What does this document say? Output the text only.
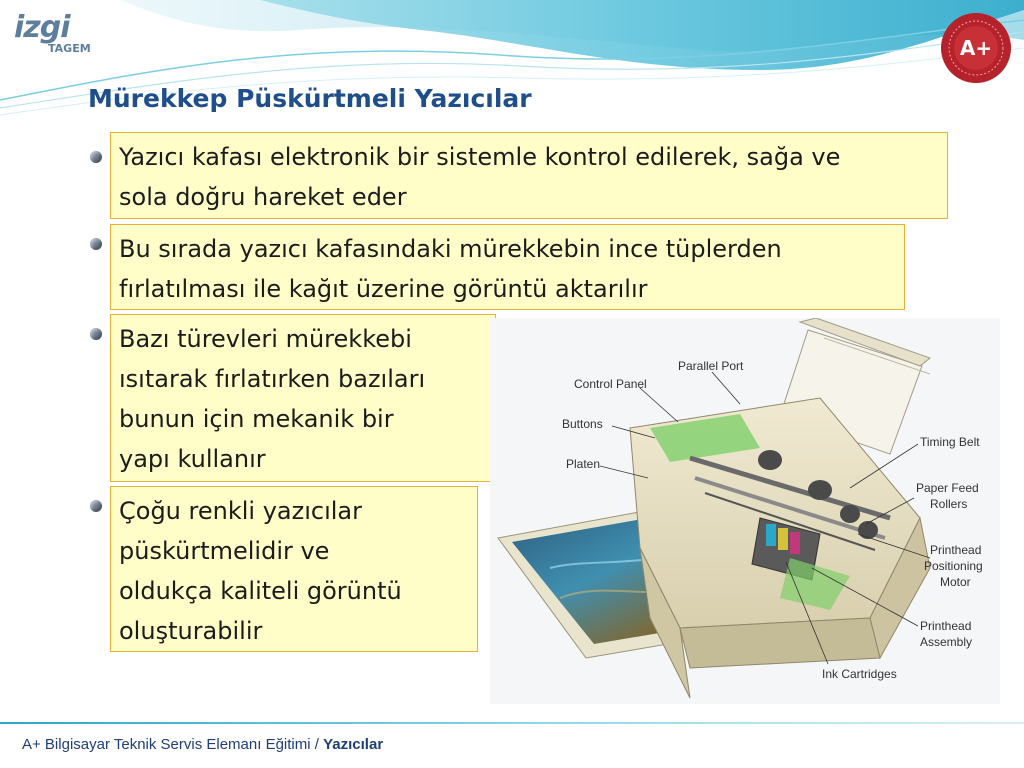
izgi
TAGEM	A+
Mürekkep Püskürtmeli Yazıcılar
Yazıcı kafası elektronik bir sistemle kontrol edilerek, sağa ve
sola doğru hareket eder
Bu sırada yazıcı kafasındaki mürekkebin ince tüplerden
fırlatılması ile kağıt üzerine görüntü aktarılır
Bazı türevleri mürekkebi
ısıtarak fırlatırken bazıları
bunun için mekanik bir
yapı kullanır
Çoğu renkli yazıcılar
püskürtmelidir ve
oldukça kaliteli görüntü
oluşturabilir
Parallel Port
Control Panel
Buttons
Platen
Timing Belt
Paper Feed
Rollers
Printhead
Positioning
Motor
Printhead
Assembly
Ink Cartridges
A+ Bilgisayar Teknik Servis Elemanı Eğitimi / Yazıcılar
